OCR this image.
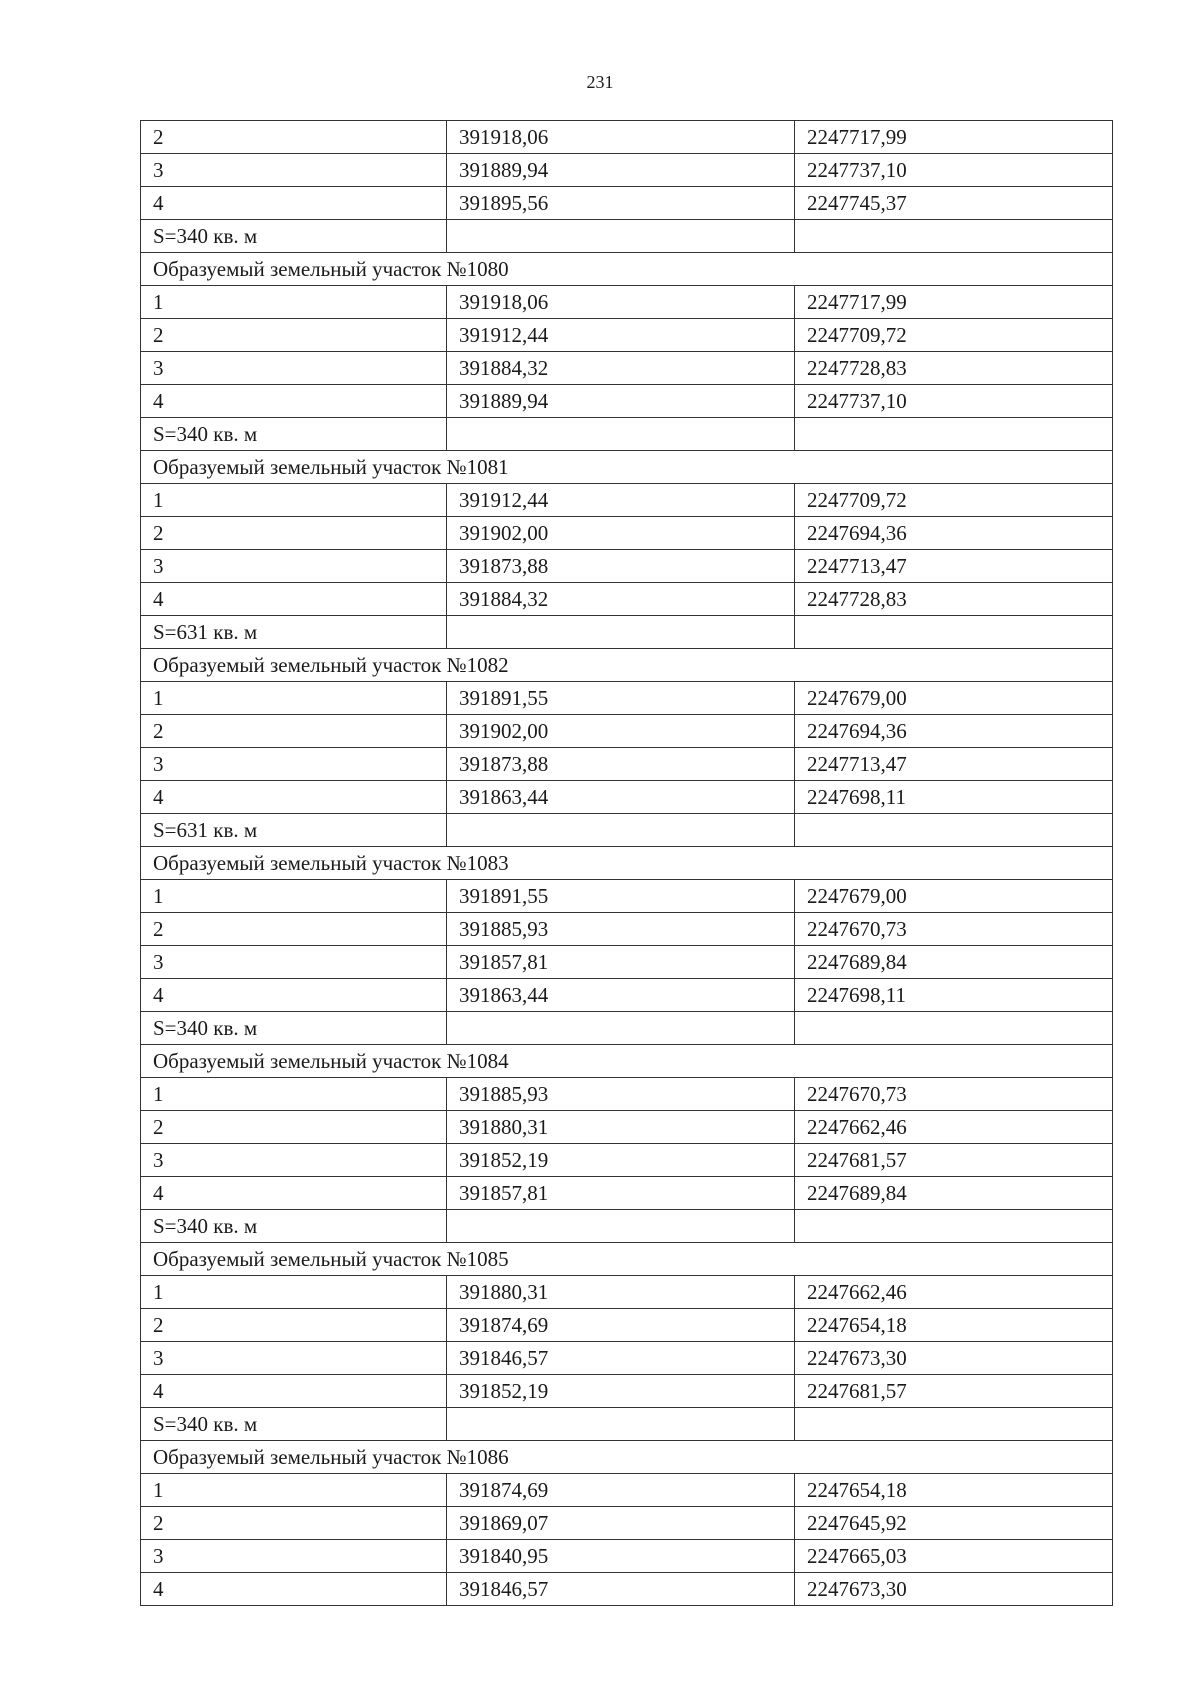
231
2	391918,06	2247717,99
3	391889,94	2247737,10
4	391895,56	2247745,37
S=340 кв. м		
Образуемый земельный участок №1080		
1	391918,06	2247717,99
2	391912,44	2247709,72
3	391884,32	2247728,83
4	391889,94	2247737,10
S=340 кв. м		
Образуемый земельный участок №1081		
1	391912,44	2247709,72
2	391902,00	2247694,36
3	391873,88	2247713,47
4	391884,32	2247728,83
S=631 кв. м		
Образуемый земельный участок №1082		
1	391891,55	2247679,00
2	391902,00	2247694,36
3	391873,88	2247713,47
4	391863,44	2247698,11
S=631 кв. м		
Образуемый земельный участок №1083		
1	391891,55	2247679,00
2	391885,93	2247670,73
3	391857,81	2247689,84
4	391863,44	2247698,11
S=340 кв. м		
Образуемый земельный участок №1084		
1	391885,93	2247670,73
2	391880,31	2247662,46
3	391852,19	2247681,57
4	391857,81	2247689,84
S=340 кв. м		
Образуемый земельный участок №1085		
1	391880,31	2247662,46
2	391874,69	2247654,18
3	391846,57	2247673,30
4	391852,19	2247681,57
S=340 кв. м		
Образуемый земельный участок №1086		
1	391874,69	2247654,18
2	391869,07	2247645,92
3	391840,95	2247665,03
4	391846,57	2247673,30
